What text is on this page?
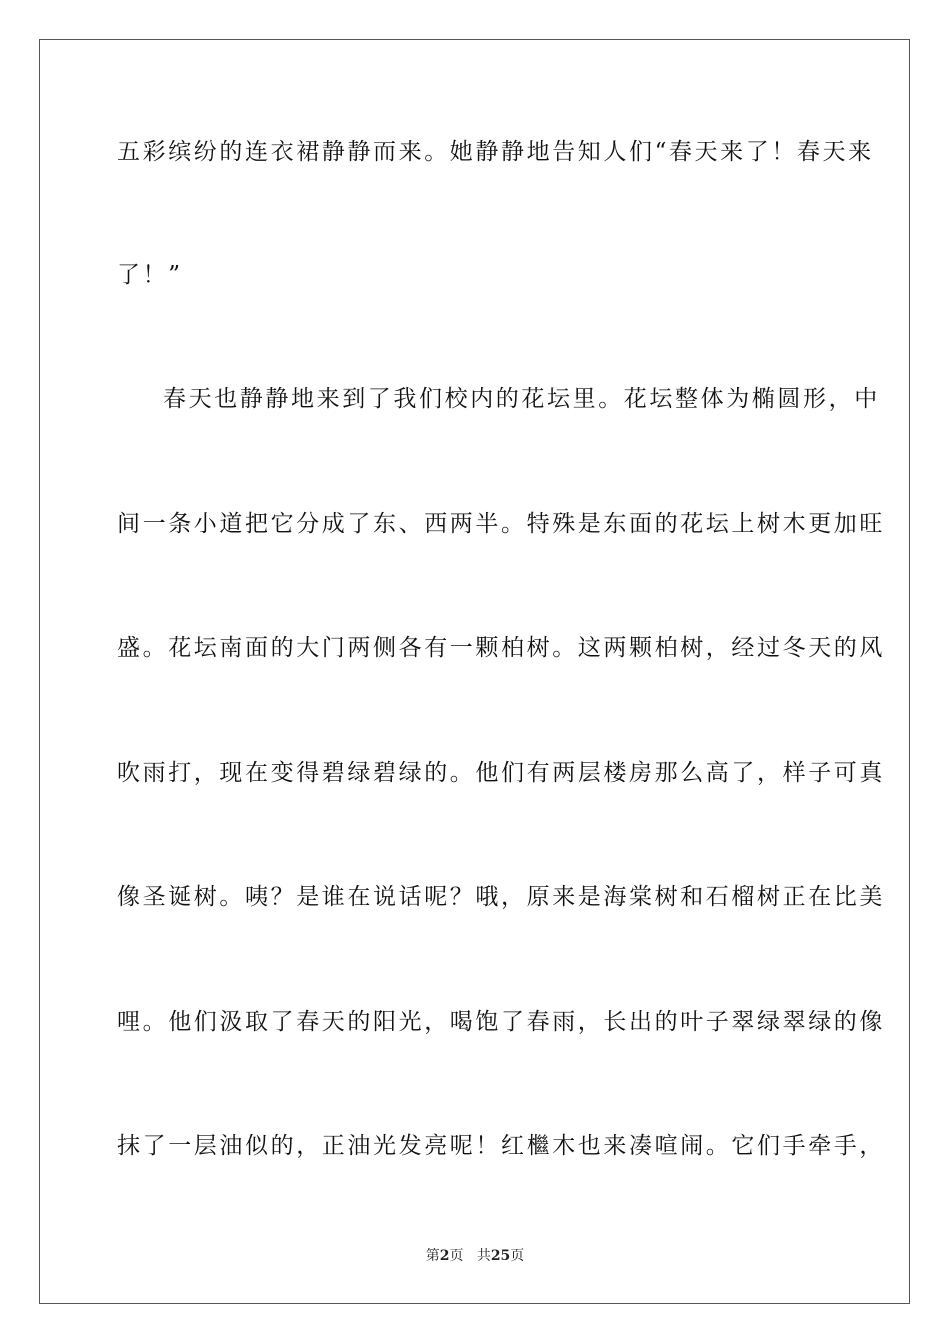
五彩缤纷的连衣裙静静而来。她静静地告知人们“春天来了！春天来
了！”
春天也静静地来到了我们校内的花坛里。花坛整体为椭圆形，中
间一条小道把它分成了东、西两半。特殊是东面的花坛上树木更加旺
盛。花坛南面的大门两侧各有一颗柏树。这两颗柏树，经过冬天的风
吹雨打，现在变得碧绿碧绿的。他们有两层楼房那么高了，样子可真
像圣诞树。咦？是谁在说话呢？哦，原来是海棠树和石榴树正在比美
哩。他们汲取了春天的阳光，喝饱了春雨，长出的叶子翠绿翠绿的像
抹了一层油似的，正油光发亮呢！红檵木也来凑喧闹。它们手牵手，
第2页 共25页
